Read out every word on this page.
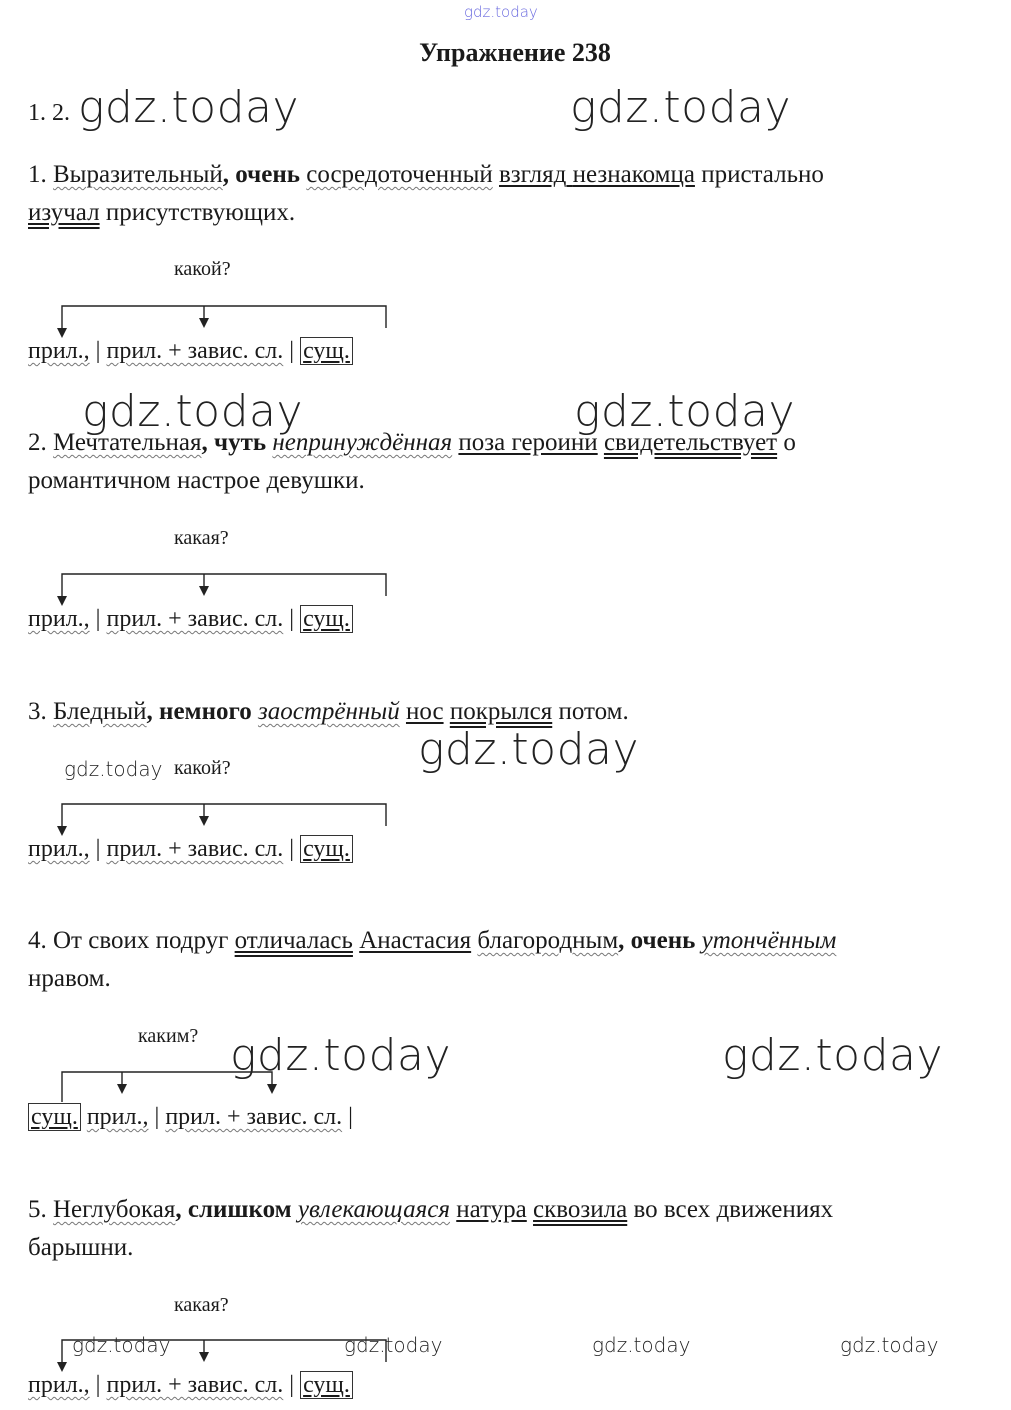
gdz.today
gdz.today	gdz.today
gdz.today	gdz.today
gdz.today
gdz.today
gdz.today	gdz.today
gdz.today	gdz.today	gdz.today	gdz.today
Упражнение 238
1. 2.
1. Выразительный, очень сосредоточенный взгляд незнакомца пристально
изучал присутствующих.
какой?
прил., | прил. + завис. сл. | сущ.
2. Мечтательная, чуть непринуждённая поза героини свидетельствует о
романтичном настрое девушки.
какая?
прил., | прил. + завис. сл. | сущ.
3. Бледный, немного заострённый нос покрылся потом.
какой?
прил., | прил. + завис. сл. | сущ.
4. От своих подруг отличалась Анастасия благородным, очень утончённым
нравом.
каким?
сущ. прил., | прил. + завис. сл. |
5. Неглубокая, слишком увлекающаяся натура сквозила во всех движениях
барышни.
какая?
прил., | прил. + завис. сл. | сущ.
